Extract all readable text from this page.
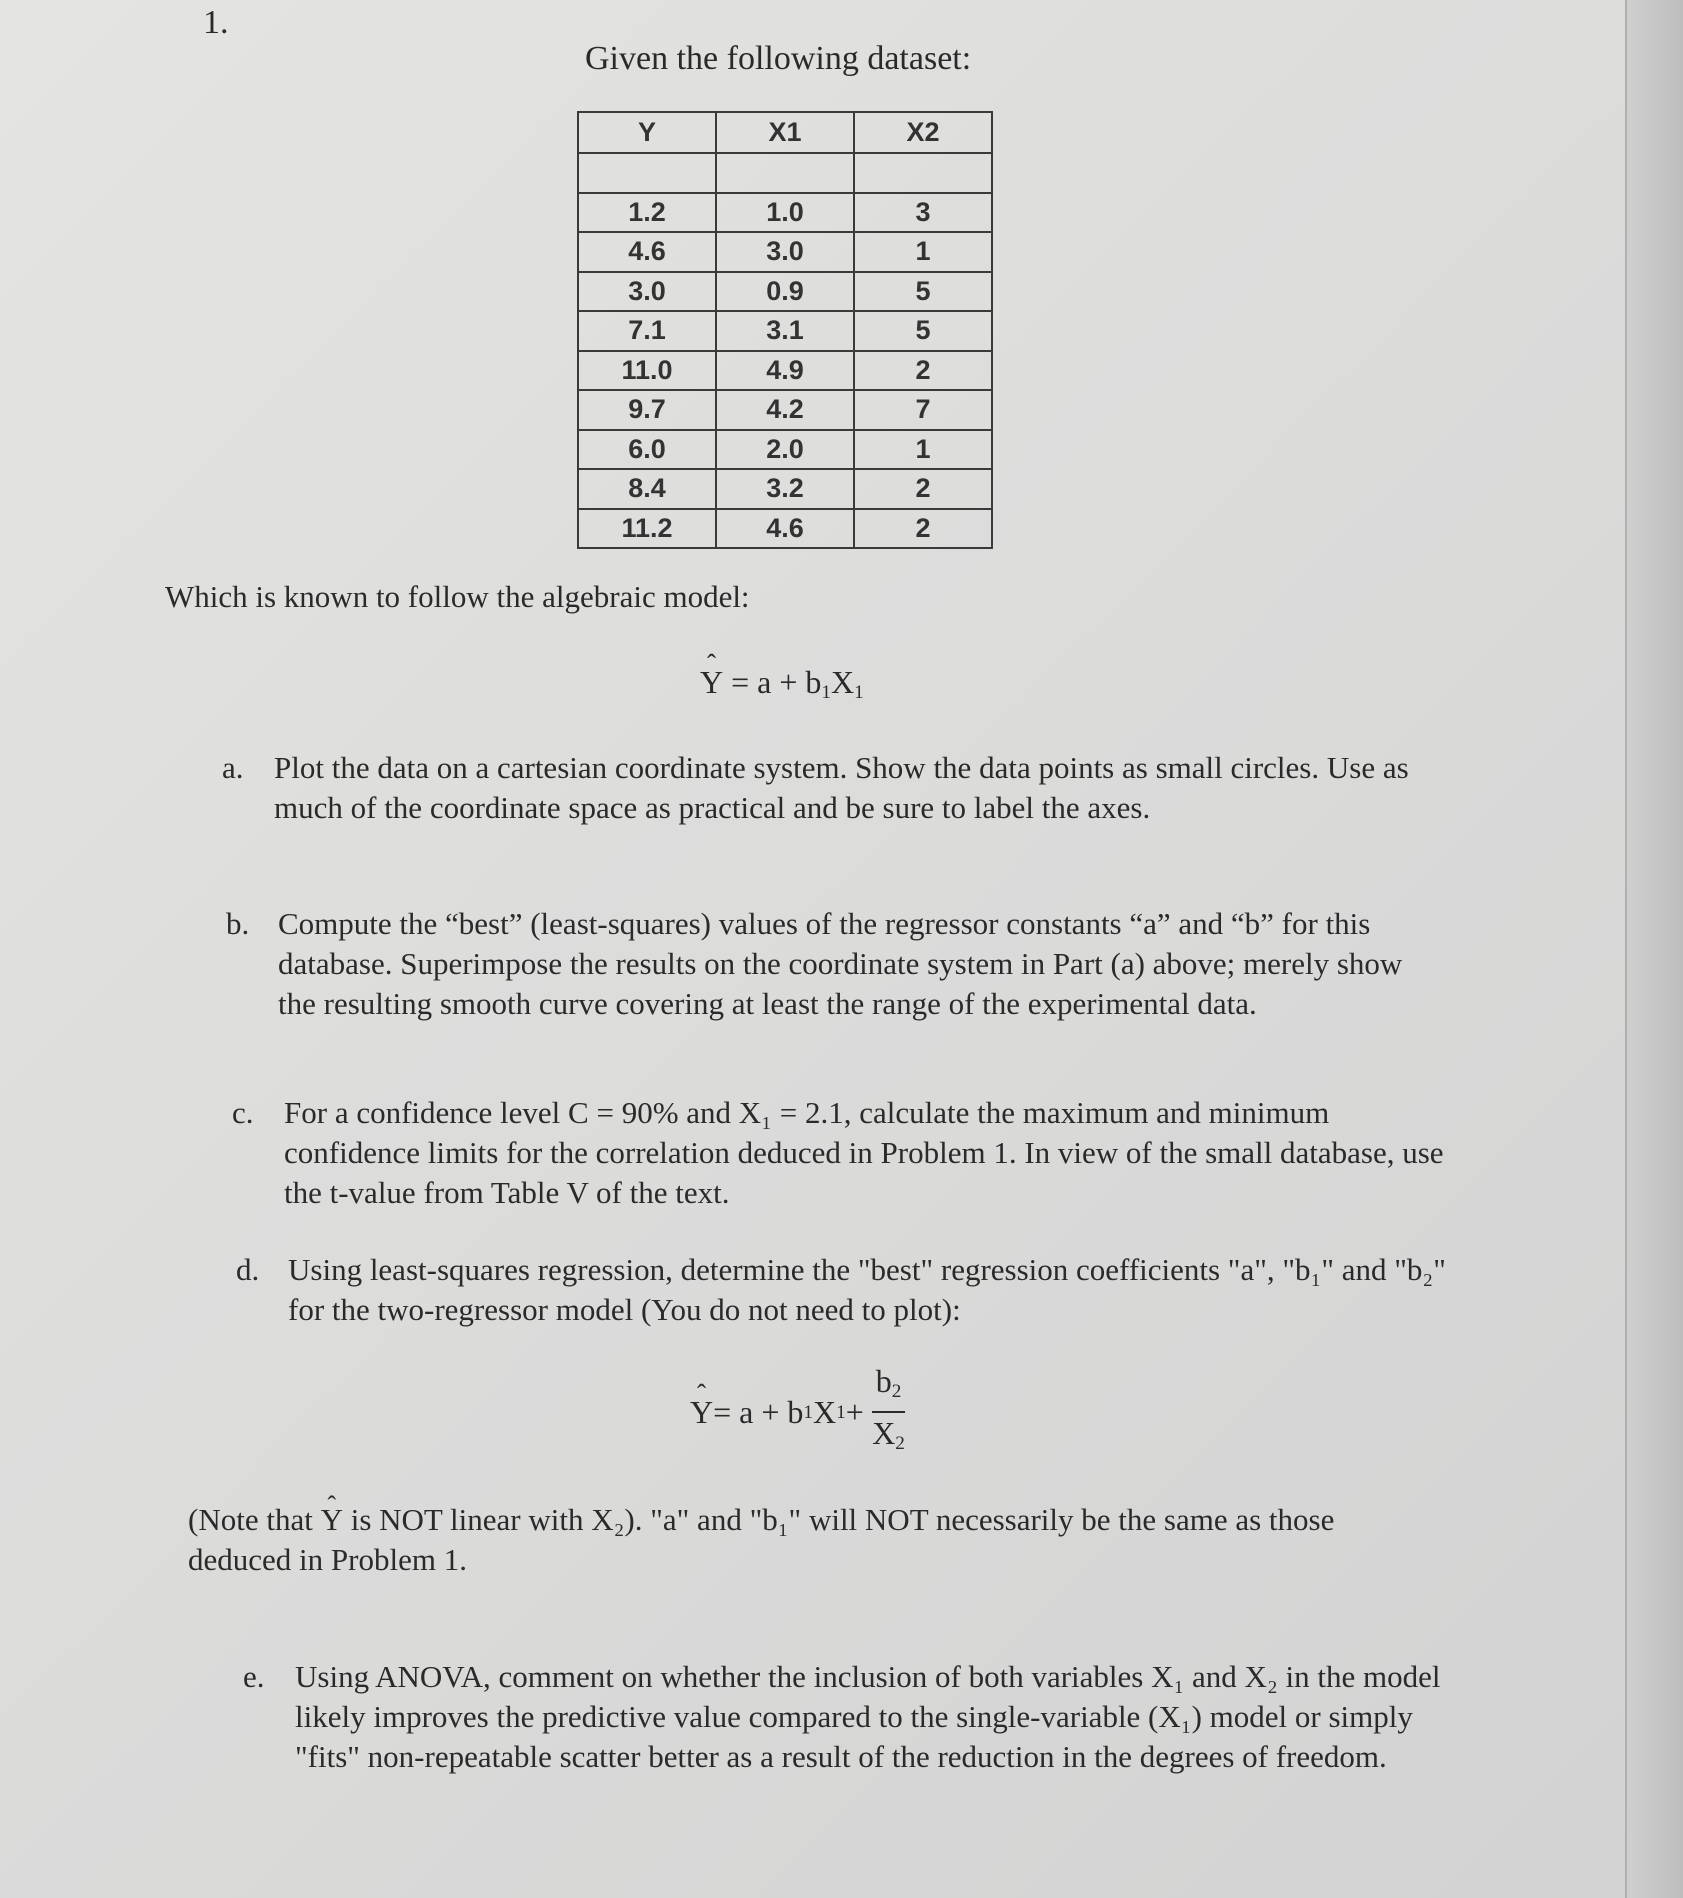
1.
Given the following dataset:
Y	X1	X2

1.2	1.0	3
4.6	3.0	1
3.0	0.9	5
7.1	3.1	5
11.0	4.9	2
9.7	4.2	7
6.0	2.0	1
8.4	3.2	2
11.2	4.6	2
Which is known to follow the algebraic model:
ˆ $Y = a + b_1X_1$
a. Plot the data on a cartesian coordinate system. Show the data points as small circles. Use as much of the coordinate space as practical and be sure to label the axes.
b. Compute the “best” (least-squares) values of the regressor constants “a” and “b” for this database. Superimpose the results on the coordinate system in Part (a) above; merely show the resulting smooth curve covering at least the range of the experimental data.
c. For a confidence level C = 90% and X₁ = 2.1, calculate the maximum and minimum confidence limits for the correlation deduced in Problem 1. In view of the small database, use the t-value from Table V of the text.
d. Using least-squares regression, determine the "best" regression coefficients "a", "b₁" and "b₂" for the two-regressor model (You do not need to plot):
ˆ Y = a + b 1 X $1 + \frac{b_2}{X_2}$
(Note that ˆ Y is NOT linear with X₂). "a" and "b₁" will NOT necessarily be the same as those deduced in Problem 1.
e. Using ANOVA, comment on whether the inclusion of both variables X₁ and X₂ in the model likely improves the predictive value compared to the single-variable (X₁) model or simply "fits" non-repeatable scatter better as a result of the reduction in the degrees of freedom.
